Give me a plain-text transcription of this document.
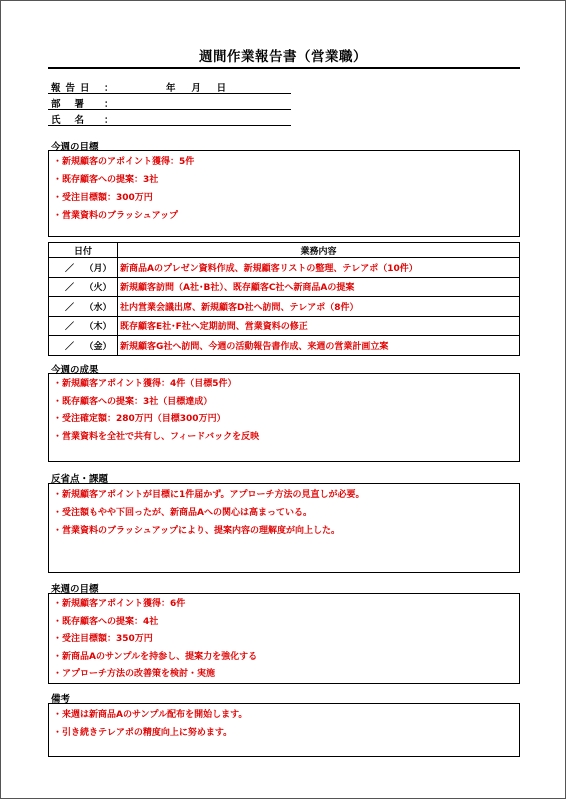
週間作業報告書（営業職）
報告日 ：	年 月 日
部署 ：
氏名 ：
今週の目標
・新規顧客のアポイント獲得：5件
・既存顧客への提案：3社
・受注目標額：300万円
・営業資料のブラッシュアップ
日付	業務内容
／ （月）	新商品Aのプレゼン資料作成、新規顧客リストの整理、テレアポ（10件）
／ （火）	新規顧客訪問（A社･B社）、既存顧客C社へ新商品Aの提案
／ （水）	社内営業会議出席、新規顧客D社へ訪問、テレアポ（8件）
／ （木）	既存顧客E社･F社へ定期訪問、営業資料の修正
／ （金）	新規顧客G社へ訪問、今週の活動報告書作成、来週の営業計画立案
今週の成果
・新規顧客アポイント獲得：4件（目標5件）
・既存顧客への提案：3社（目標達成）
・受注確定額：280万円（目標300万円）
・営業資料を全社で共有し、フィードバックを反映
反省点・課題
・新規顧客アポイントが目標に1件届かず。アプローチ方法の見直しが必要。
・受注額もやや下回ったが、新商品Aへの関心は高まっている。
・営業資料のブラッシュアップにより、提案内容の理解度が向上した。
来週の目標
・新規顧客アポイント獲得：6件
・既存顧客への提案：4社
・受注目標額：350万円
・新商品Aのサンプルを持参し、提案力を強化する
・アプローチ方法の改善策を検討・実施
備考
・来週は新商品Aのサンプル配布を開始します。
・引き続きテレアポの精度向上に努めます。
